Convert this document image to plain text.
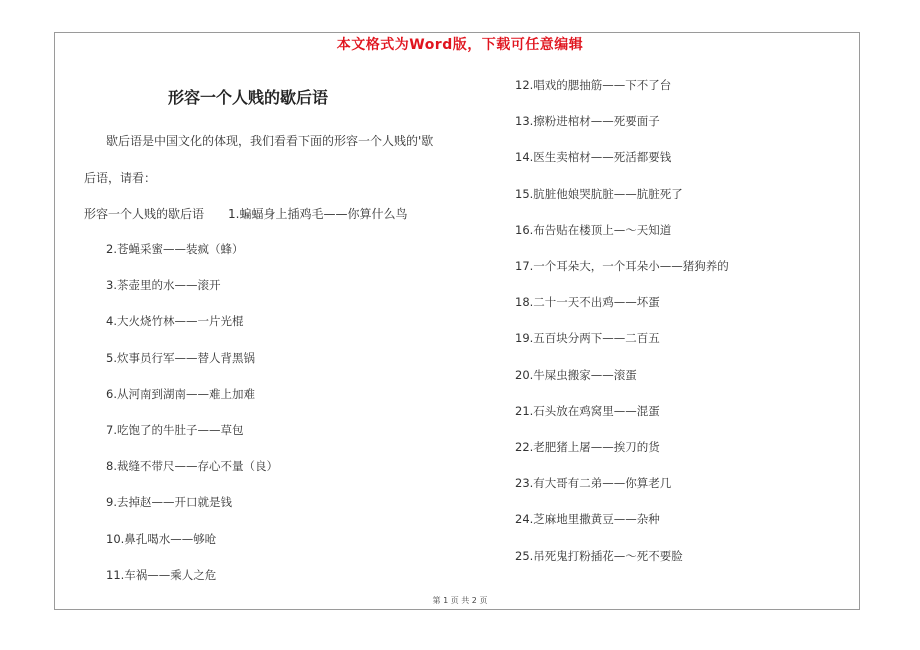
本文格式为Word版，下载可任意编辑
形容一个人贱的歇后语
歇后语是中国文化的体现，我们看看下面的形容一个人贱的'歇
后语，请看：
形容一个人贱的歇后语 1.蝙蝠身上插鸡毛——你算什么鸟
2.苍蝇采蜜——装疯（蜂）
3.茶壶里的水——滚开
4.大火烧竹林——一片光棍
5.炊事员行军——替人背黑锅
6.从河南到湖南——难上加难
7.吃饱了的牛肚子——草包
8.裁缝不带尺——存心不量（良）
9.去掉赵——开口就是钱
10.鼻孔喝水——够呛
11.车祸——乘人之危
12.唱戏的腮抽筋——下不了台
13.擦粉进棺材——死要面子
14.医生卖棺材——死活都要钱
15.肮脏他娘哭肮脏——肮脏死了
16.布告贴在楼顶上—～天知道
17.一个耳朵大，一个耳朵小——猪狗养的
18.二十一天不出鸡——坏蛋
19.五百块分两下——二百五
20.牛屎虫搬家——滚蛋
21.石头放在鸡窝里——混蛋
22.老肥猪上屠——挨刀的货
23.有大哥有二弟——你算老几
24.芝麻地里撒黄豆——杂种
25.吊死鬼打粉插花—～死不要脸
第 1 页 共 2 页
